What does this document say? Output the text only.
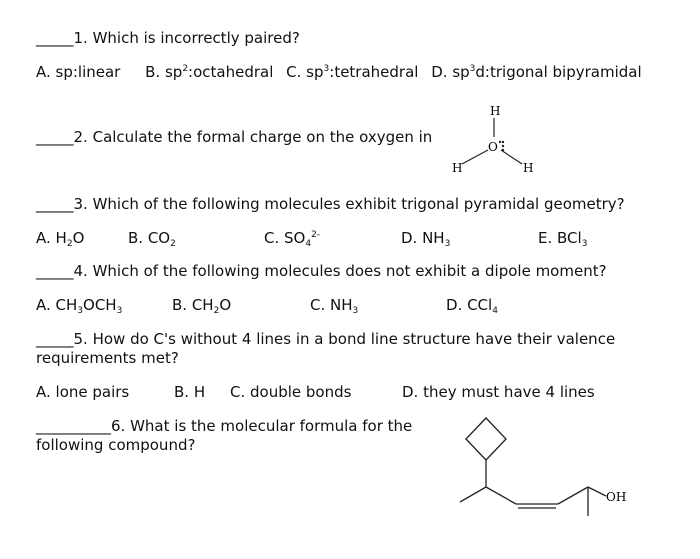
_____1. Which is incorrectly paired?
A. sp:linear B. $sp^2:octahedral$ C. $sp^3:tetrahedral$ D. $sp^3d:trigonal$ bipyramidal
_____2. Calculate the formal charge on the oxygen in
H
O
H	H
_____3. Which of the following molecules exhibit trigonal pyramidal geometry?
A. $H_2O$	B. $CO_2$	C. $SO_4^{2-}$	D. $NH_3$	E. BCl$_3$
_____4. Which of the following molecules does not exhibit a dipole moment?
A. $CH_3OCH_3$	B. $CH_2O$	C. $NH_3$	D. CCl$_4$
_____5. How do C's without 4 lines in a bond line structure have their valence
requirements met?
A. lone pairs	B. H C. double bonds	D. they must have 4 lines
__________6. What is the molecular formula for the
following compound?
OH
